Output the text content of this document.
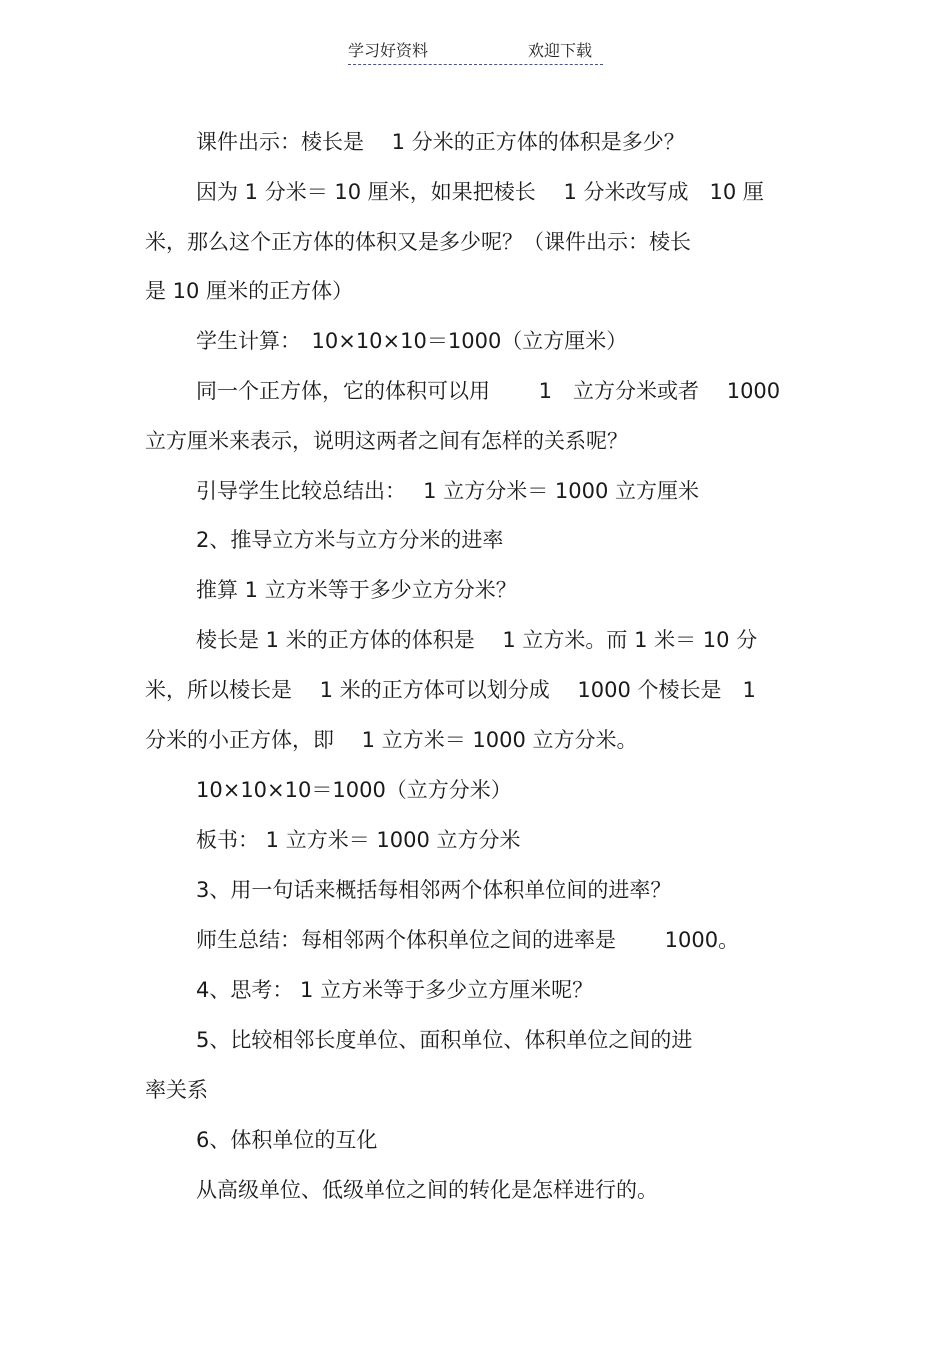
学习好资料	欢迎下载
课件出示：棱长是　 1 分米的正方体的体积是多少？
因为 1 分米＝ 10 厘米，如果把棱长　 1 分米改写成　10 厘
米，那么这个正方体的体积又是多少呢？（课件出示：棱长
是 10 厘米的正方体）
学生计算：　10×10×10＝1000（立方厘米）
同一个正方体，它的体积可以用　　 1　立方分米或者　 1000
立方厘米来表示，说明这两者之间有怎样的关系呢？
引导学生比较总结出：　 1 立方分米＝ 1000 立方厘米
2、推导立方米与立方分米的进率
推算 1 立方米等于多少立方分米？
棱长是 1 米的正方体的体积是　 1 立方米。而 1 米＝ 10 分
米，所以棱长是　 1 米的正方体可以划分成　 1000 个棱长是　1
分米的小正方体，即　 1 立方米＝ 1000 立方分米。
10×10×10＝1000（立方分米）
板书： 1 立方米＝ 1000 立方分米
3、用一句话来概括每相邻两个体积单位间的进率？
师生总结：每相邻两个体积单位之间的进率是　　 1000。
4、思考： 1 立方米等于多少立方厘米呢？
5、比较相邻长度单位、面积单位、体积单位之间的进
率关系
6、体积单位的互化
从高级单位、低级单位之间的转化是怎样进行的。
